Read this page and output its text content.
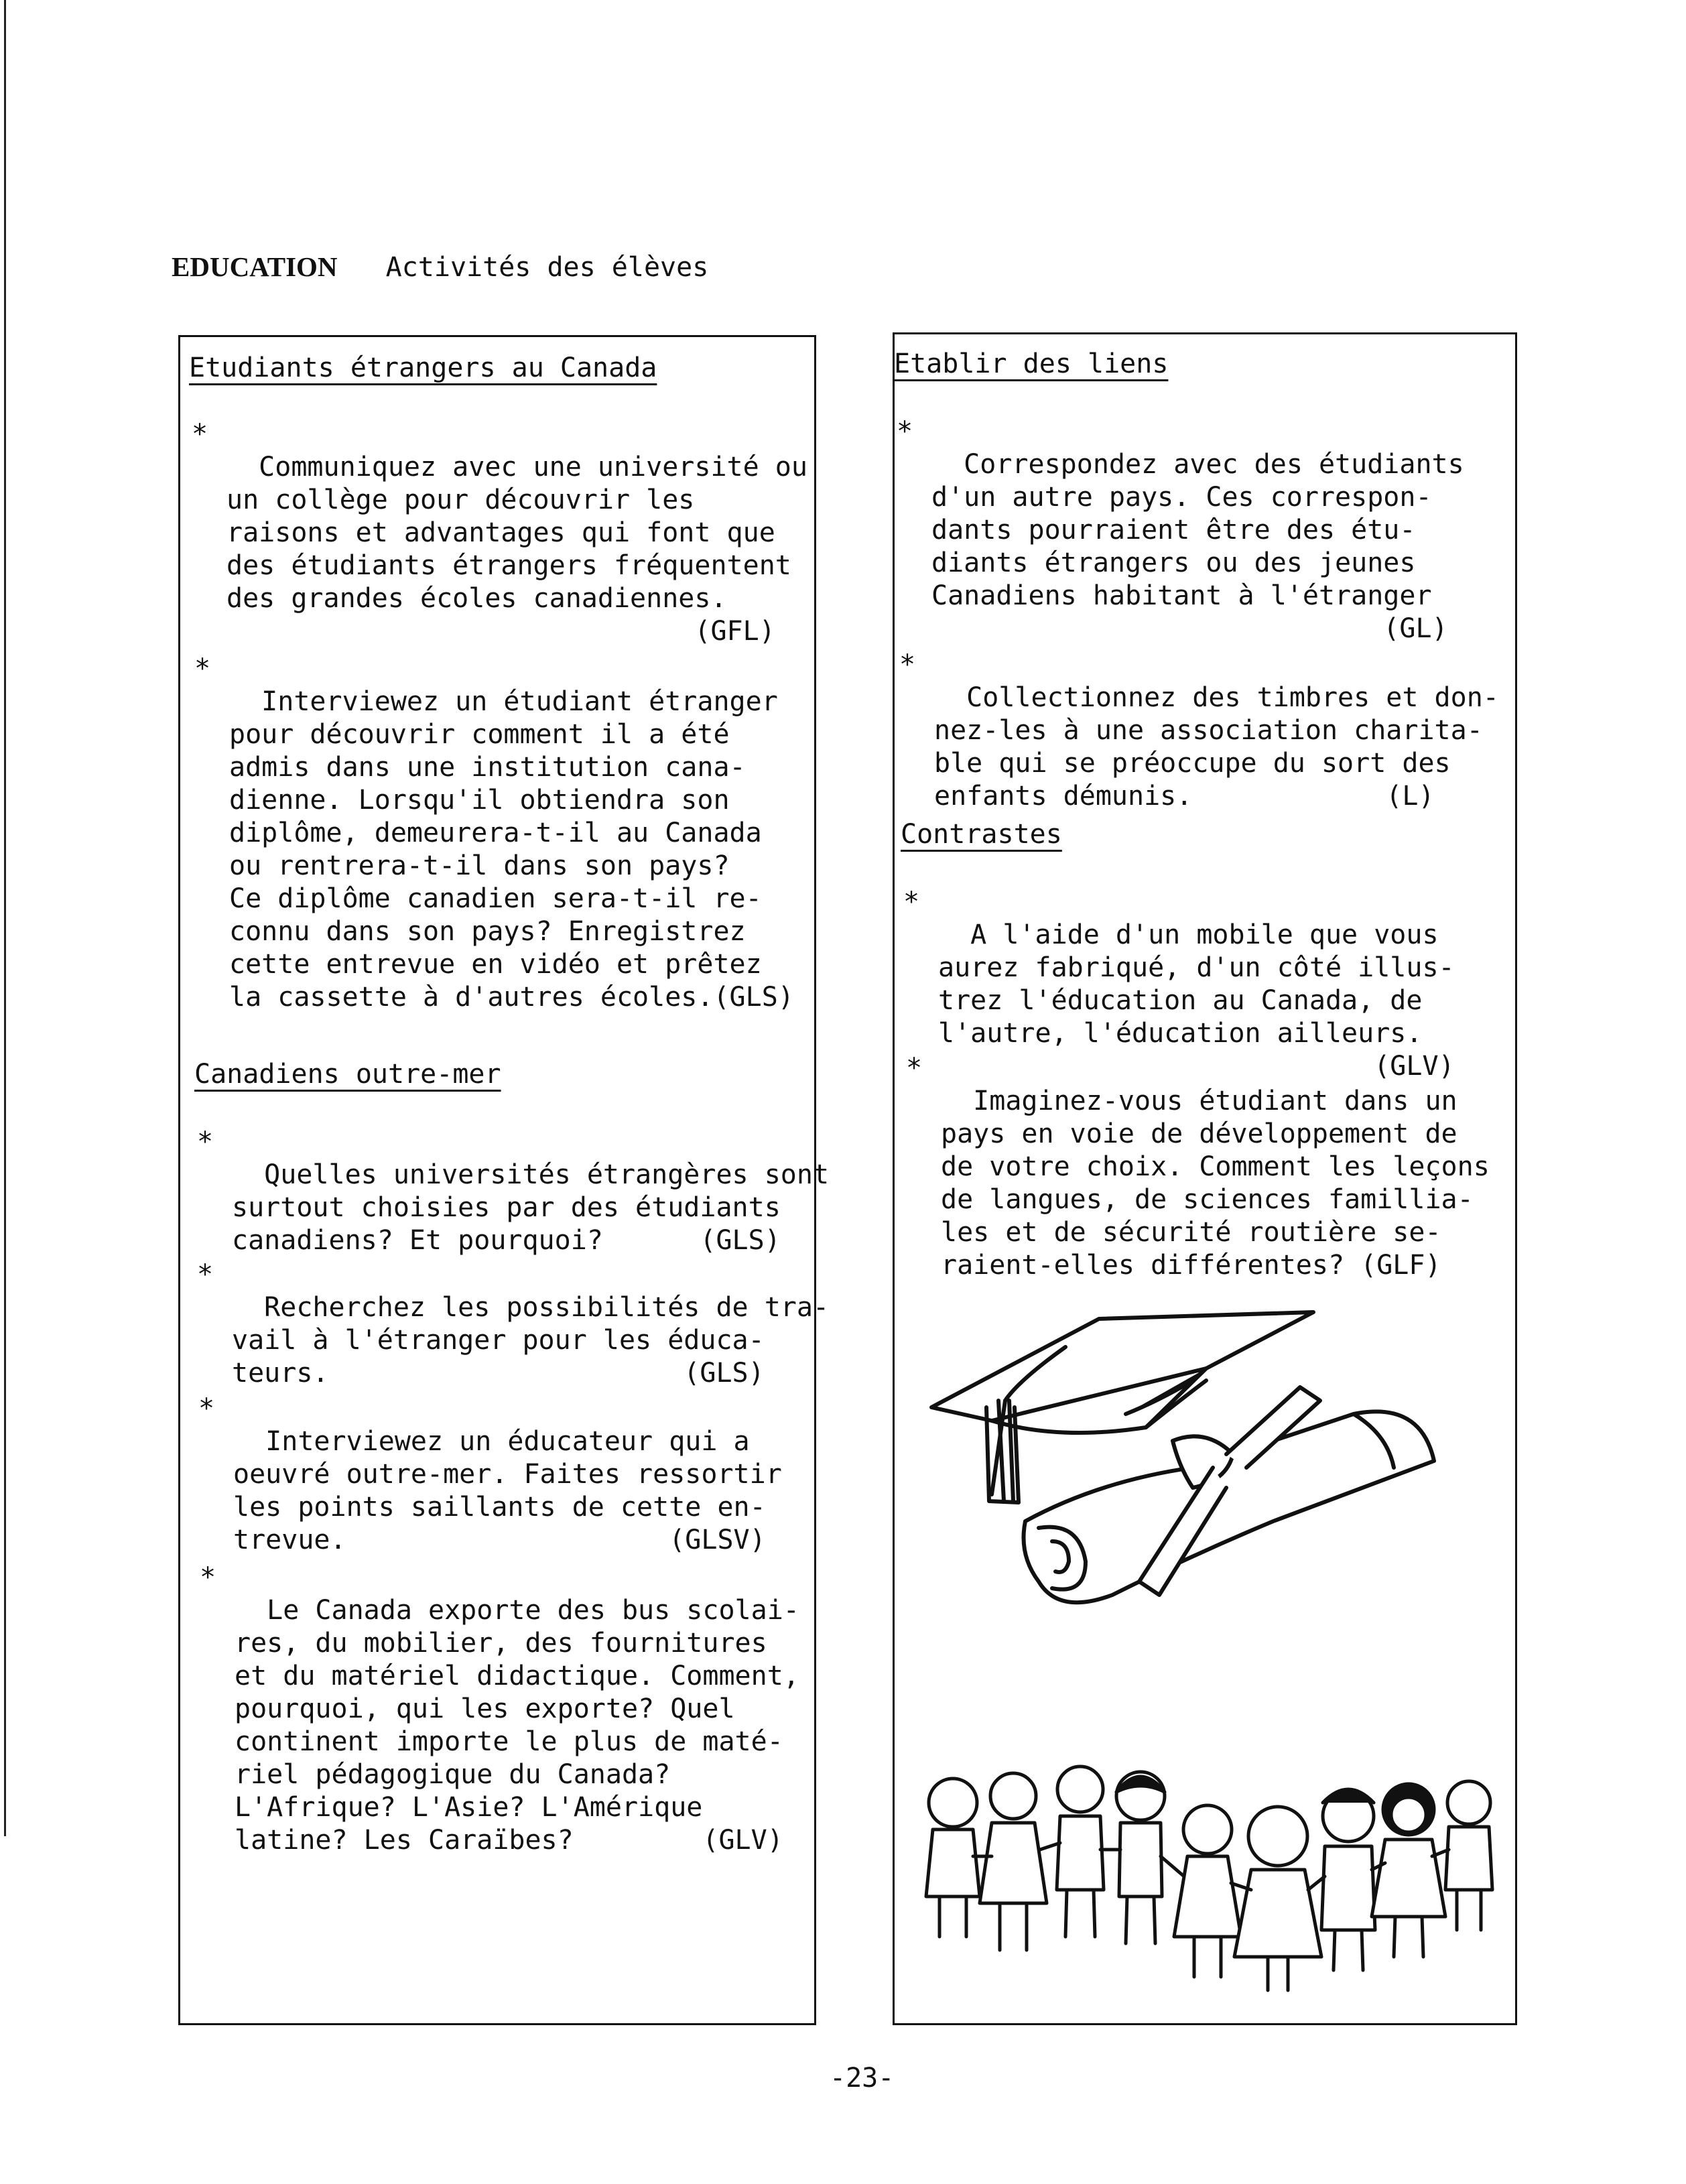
EDUCATION Activités des élèves
Etudiants étrangers au Canada

*
Communiquez avec une université ou
un collège pour découvrir les
raisons et advantages qui font que
des étudiants étrangers fréquentent
des grandes écoles canadiennes.
(GFL)

*
Interviewez un étudiant étranger
pour découvrir comment il a été
admis dans une institution cana-
dienne. Lorsqu'il obtiendra son
diplôme, demeurera-t-il au Canada
ou rentrera-t-il dans son pays?
Ce diplôme canadien sera-t-il re-
connu dans son pays? Enregistrez
cette entrevue en vidéo et prêtez
la cassette à d'autres écoles.(GLS)

Canadiens outre-mer

*
Quelles universités étrangères sont
surtout choisies par des étudiants
canadiens? Et pourquoi?      (GLS)

*
Recherchez les possibilités de tra-
vail à l'étranger pour les éduca-
teurs.                      (GLS)

*
Interviewez un éducateur qui a
oeuvré outre-mer. Faites ressortir
les points saillants de cette en-
trevue.                    (GLSV)

*
Le Canada exporte des bus scolai-
res, du mobilier, des fournitures
et du matériel didactique. Comment,
pourquoi, qui les exporte? Quel
continent importe le plus de maté-
riel pédagogique du Canada?
L'Afrique? L'Asie? L'Amérique
latine? Les Caraïbes?        (GLV)

Etablir des liens

*
Correspondez avec des étudiants
d'un autre pays. Ces correspon-
dants pourraient être des étu-
diants étrangers ou des jeunes
Canadiens habitant à l'étranger
(GL)

*
Collectionnez des timbres et don-
nez-les à une association charita-
ble qui se préoccupe du sort des
enfants démunis.            (L)

Contrastes

*
A l'aide d'un mobile que vous
aurez fabriqué, d'un côté illus-
trez l'éducation au Canada, de
l'autre, l'éducation ailleurs.
(GLV)

*
Imaginez-vous étudiant dans un
pays en voie de développement de
de votre choix. Comment les leçons
de langues, de sciences famillia-
les et de sécurité routière se-
raient-elles différentes? (GLF)

-23-
